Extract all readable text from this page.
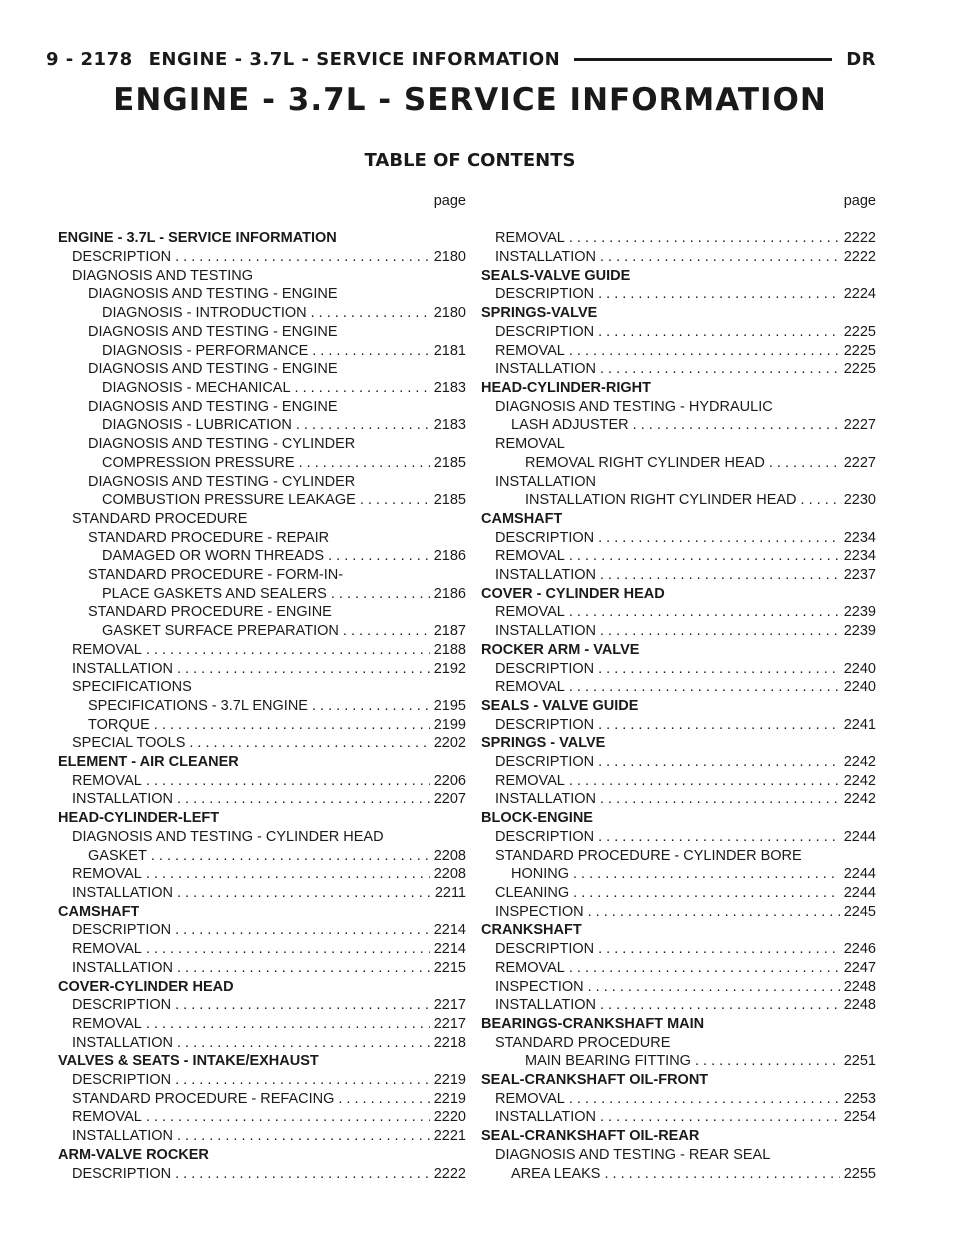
9 - 2178 ENGINE - 3.7L - SERVICE INFORMATION	DR
ENGINE - 3.7L - SERVICE INFORMATION
TABLE OF CONTENTS
page
ENGINE - 3.7L - SERVICE INFORMATION
DESCRIPTION . . .	2180
DIAGNOSIS AND TESTING
DIAGNOSIS AND TESTING - ENGINE
DIAGNOSIS - INTRODUCTION . . .	2180
DIAGNOSIS AND TESTING - ENGINE
DIAGNOSIS - PERFORMANCE . . .	2181
DIAGNOSIS AND TESTING - ENGINE
DIAGNOSIS - MECHANICAL . . .	2183
DIAGNOSIS AND TESTING - ENGINE
DIAGNOSIS - LUBRICATION . . .	2183
DIAGNOSIS AND TESTING - CYLINDER
COMPRESSION PRESSURE . . .	2185
DIAGNOSIS AND TESTING - CYLINDER
COMBUSTION PRESSURE LEAKAGE . . .	2185
STANDARD PROCEDURE
STANDARD PROCEDURE - REPAIR
DAMAGED OR WORN THREADS . . .	2186
STANDARD PROCEDURE - FORM-IN-
PLACE GASKETS AND SEALERS . . .	2186
STANDARD PROCEDURE - ENGINE
GASKET SURFACE PREPARATION . . .	2187
REMOVAL . . .	2188
INSTALLATION . . .	2192
SPECIFICATIONS
SPECIFICATIONS - 3.7L ENGINE . . .	2195
TORQUE . . .	2199
SPECIAL TOOLS . . .	2202
ELEMENT - AIR CLEANER
REMOVAL . . .	2206
INSTALLATION . . .	2207
HEAD-CYLINDER-LEFT
DIAGNOSIS AND TESTING - CYLINDER HEAD
GASKET . . .	2208
REMOVAL . . .	2208
INSTALLATION . . .	2211
CAMSHAFT
DESCRIPTION . . .	2214
REMOVAL . . .	2214
INSTALLATION . . .	2215
COVER-CYLINDER HEAD
DESCRIPTION . . .	2217
REMOVAL . . .	2217
INSTALLATION . . .	2218
VALVES & SEATS - INTAKE/EXHAUST
DESCRIPTION . . .	2219
STANDARD PROCEDURE - REFACING . . .	2219
REMOVAL . . .	2220
INSTALLATION . . .	2221
ARM-VALVE ROCKER
DESCRIPTION . . .	2222
page
REMOVAL . . .	2222
INSTALLATION . . .	2222
SEALS-VALVE GUIDE
DESCRIPTION . . .	2224
SPRINGS-VALVE
DESCRIPTION . . .	2225
REMOVAL . . .	2225
INSTALLATION . . .	2225
HEAD-CYLINDER-RIGHT
DIAGNOSIS AND TESTING - HYDRAULIC
LASH ADJUSTER . . .	2227
REMOVAL
REMOVAL RIGHT CYLINDER HEAD . . .	2227
INSTALLATION
INSTALLATION RIGHT CYLINDER HEAD . . .	2230
CAMSHAFT
DESCRIPTION . . .	2234
REMOVAL . . .	2234
INSTALLATION . . .	2237
COVER - CYLINDER HEAD
REMOVAL . . .	2239
INSTALLATION . . .	2239
ROCKER ARM - VALVE
DESCRIPTION . . .	2240
REMOVAL . . .	2240
SEALS - VALVE GUIDE
DESCRIPTION . . .	2241
SPRINGS - VALVE
DESCRIPTION . . .	2242
REMOVAL . . .	2242
INSTALLATION . . .	2242
BLOCK-ENGINE
DESCRIPTION . . .	2244
STANDARD PROCEDURE - CYLINDER BORE
HONING . . .	2244
CLEANING . . .	2244
INSPECTION . . .	2245
CRANKSHAFT
DESCRIPTION . . .	2246
REMOVAL . . .	2247
INSPECTION . . .	2248
INSTALLATION . . .	2248
BEARINGS-CRANKSHAFT MAIN
STANDARD PROCEDURE
MAIN BEARING FITTING . . .	2251
SEAL-CRANKSHAFT OIL-FRONT
REMOVAL . . .	2253
INSTALLATION . . .	2254
SEAL-CRANKSHAFT OIL-REAR
DIAGNOSIS AND TESTING - REAR SEAL
AREA LEAKS . . .	2255
